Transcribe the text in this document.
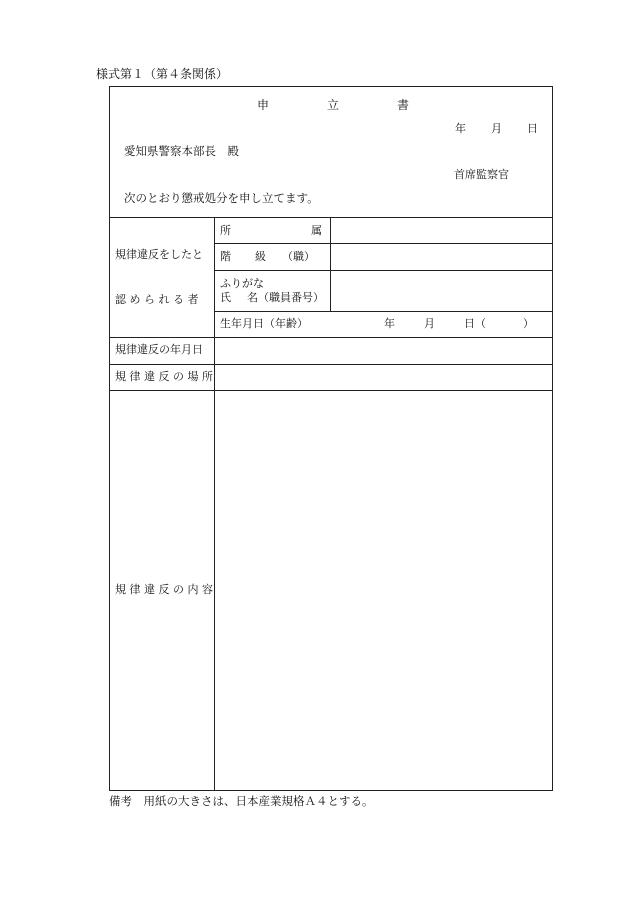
様式第１（第４条関係）
申	立	書
年 月 日
愛知県警察本部長　殿
首席監察官
次のとおり懲戒処分を申し立てます。
規律違反をしたと
認 め ら れ る 者
所	属
階 級 （職）
ふりがな
氏 名（職員番号）
生年月日（年齢）	年	月	日（	）
規律違反の年月日
規 律 違 反 の 場 所
規 律 違 反 の 内 容
備考　用紙の大きさは、日本産業規格Ａ４とする。
